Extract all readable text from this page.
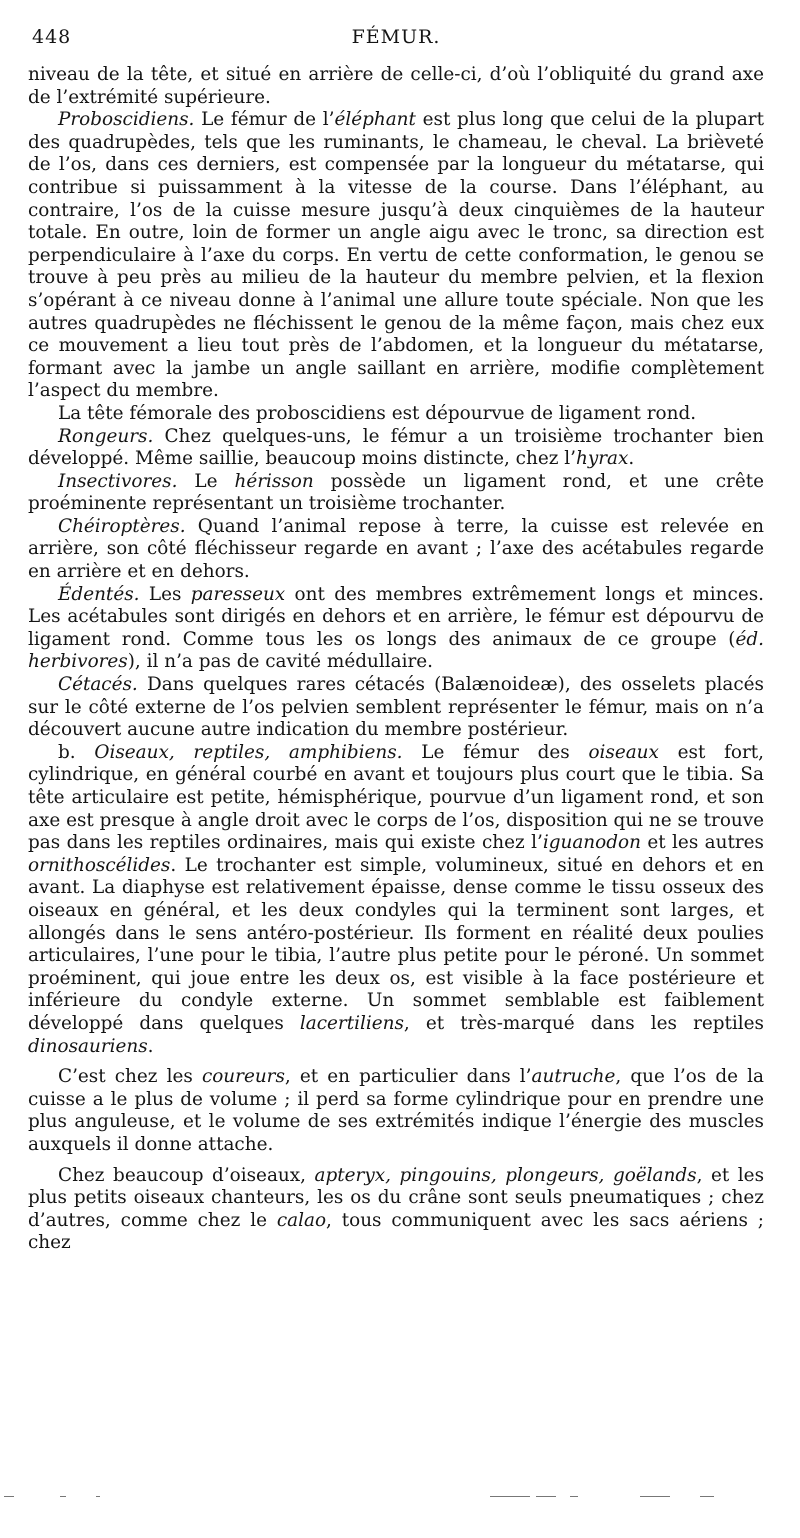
448	FÉMUR.

niveau de la tête, et situé en arrière de celle-ci, d’où l’obliquité du grand axe de l’extrémité supérieure.

Proboscidiens. Le fémur de l’éléphant est plus long que celui de la plupart des quadrupèdes, tels que les ruminants, le chameau, le cheval. La brièveté de l’os, dans ces derniers, est compensée par la longueur du métatarse, qui contribue si puissamment à la vitesse de la course. Dans l’éléphant, au contraire, l’os de la cuisse mesure jusqu’à deux cinquièmes de la hauteur totale. En outre, loin de former un angle aigu avec le tronc, sa direction est perpendiculaire à l’axe du corps. En vertu de cette conformation, le genou se trouve à peu près au milieu de la hauteur du membre pelvien, et la flexion s’opérant à ce niveau donne à l’animal une allure toute spéciale. Non que les autres quadrupèdes ne fléchissent le genou de la même façon, mais chez eux ce mouvement a lieu tout près de l’abdomen, et la longueur du métatarse, formant avec la jambe un angle saillant en arrière, modifie complètement l’aspect du membre.

La tête fémorale des proboscidiens est dépourvue de ligament rond.

Rongeurs. Chez quelques-uns, le fémur a un troisième trochanter bien développé. Même saillie, beaucoup moins distincte, chez l’hyrax.

Insectivores. Le hérisson possède un ligament rond, et une crête proéminente représentant un troisième trochanter.

Chéiroptères. Quand l’animal repose à terre, la cuisse est relevée en arrière, son côté fléchisseur regarde en avant ; l’axe des acétabules regarde en arrière et en dehors.

Édentés. Les paresseux ont des membres extrêmement longs et minces. Les acétabules sont dirigés en dehors et en arrière, le fémur est dépourvu de ligament rond. Comme tous les os longs des animaux de ce groupe (éd. herbivores), il n’a pas de cavité médullaire.

Cétacés. Dans quelques rares cétacés (Balænoideæ), des osselets placés sur le côté externe de l’os pelvien semblent représenter le fémur, mais on n’a découvert aucune autre indication du membre postérieur.

b. Oiseaux, reptiles, amphibiens. Le fémur des oiseaux est fort, cylindrique, en général courbé en avant et toujours plus court que le tibia. Sa tête articulaire est petite, hémisphérique, pourvue d’un ligament rond, et son axe est presque à angle droit avec le corps de l’os, disposition qui ne se trouve pas dans les reptiles ordinaires, mais qui existe chez l’iguanodon et les autres ornithoscélides. Le trochanter est simple, volumineux, situé en dehors et en avant. La diaphyse est relativement épaisse, dense comme le tissu osseux des oiseaux en général, et les deux condyles qui la terminent sont larges, et allongés dans le sens antéro-postérieur. Ils forment en réalité deux poulies articulaires, l’une pour le tibia, l’autre plus petite pour le péroné. Un sommet proéminent, qui joue entre les deux os, est visible à la face postérieure et inférieure du condyle externe. Un sommet semblable est faiblement développé dans quelques lacertiliens, et très-marqué dans les reptiles dinosauriens.

C’est chez les coureurs, et en particulier dans l’autruche, que l’os de la cuisse a le plus de volume ; il perd sa forme cylindrique pour en prendre une plus anguleuse, et le volume de ses extrémités indique l’énergie des muscles auxquels il donne attache.

Chez beaucoup d’oiseaux, apteryx, pingouins, plongeurs, goëlands, et les plus petits oiseaux chanteurs, les os du crâne sont seuls pneumatiques ; chez d’autres, comme chez le calao, tous communiquent avec les sacs aériens ; chez
